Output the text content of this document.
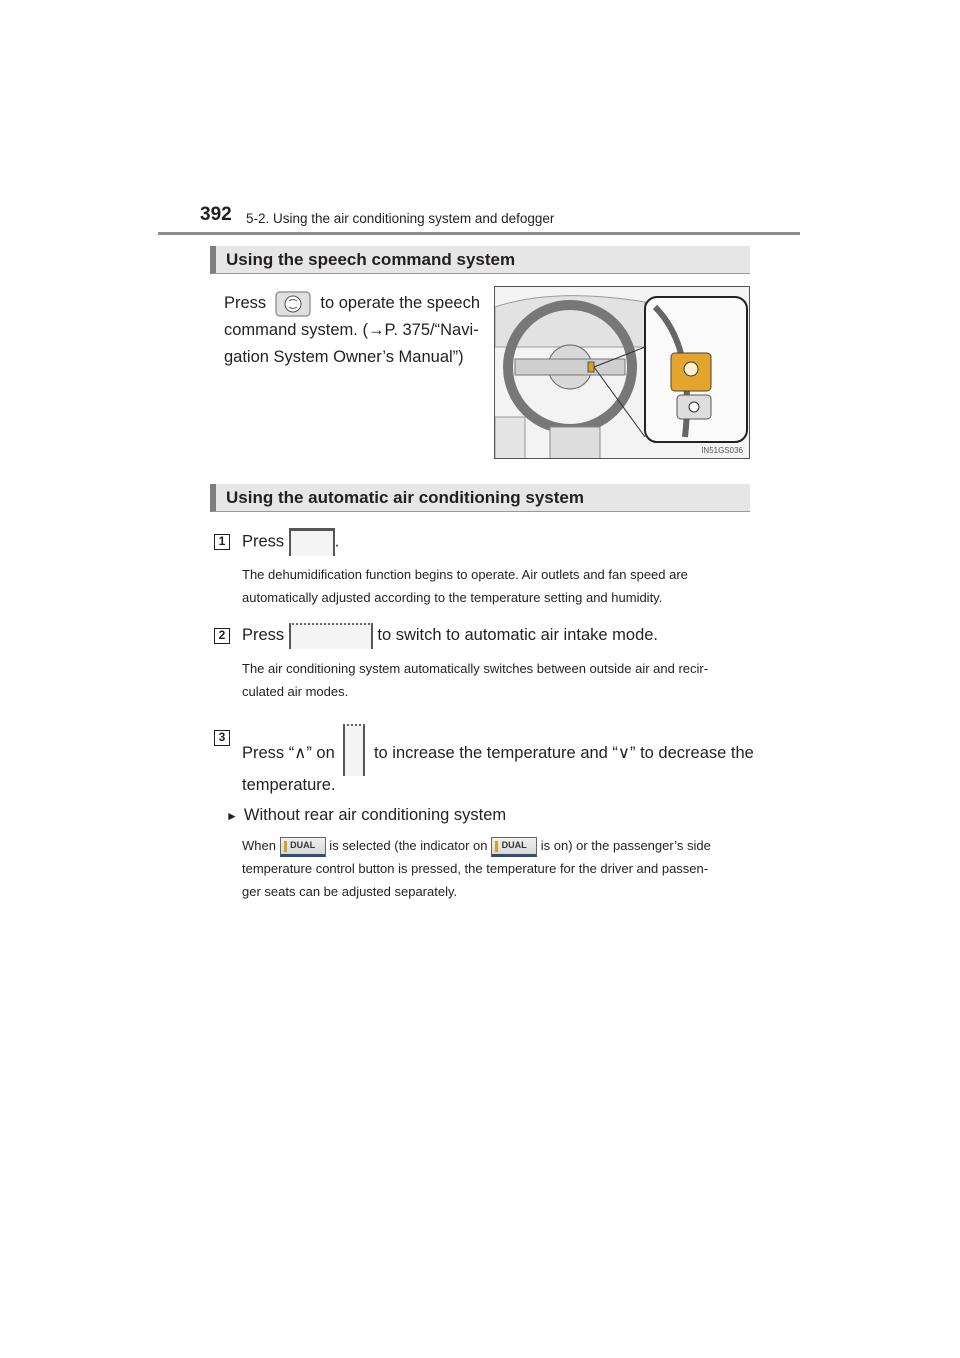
392 5-2. Using the air conditioning system and defogger
Using the speech command system
Press	to operate the speech
command system. (→P. 375/“Navi-
gation System Owner’s Manual”)
IN51GS036
Using the automatic air conditioning system
1 Press	.
The dehumidification function begins to operate. Air outlets and fan speed are
automatically adjusted according to the temperature setting and humidity.
2 Press	to switch to automatic air intake mode.
The air conditioning system automatically switches between outside air and recir-
culated air modes.
3
Press “∧” on to increase the temperature and “∨” to decrease the
temperature.
► Without rear air conditioning system
When DUAL is selected (the indicator on DUAL is on) or the passenger’s side
temperature control button is pressed, the temperature for the driver and passen-
ger seats can be adjusted separately.
